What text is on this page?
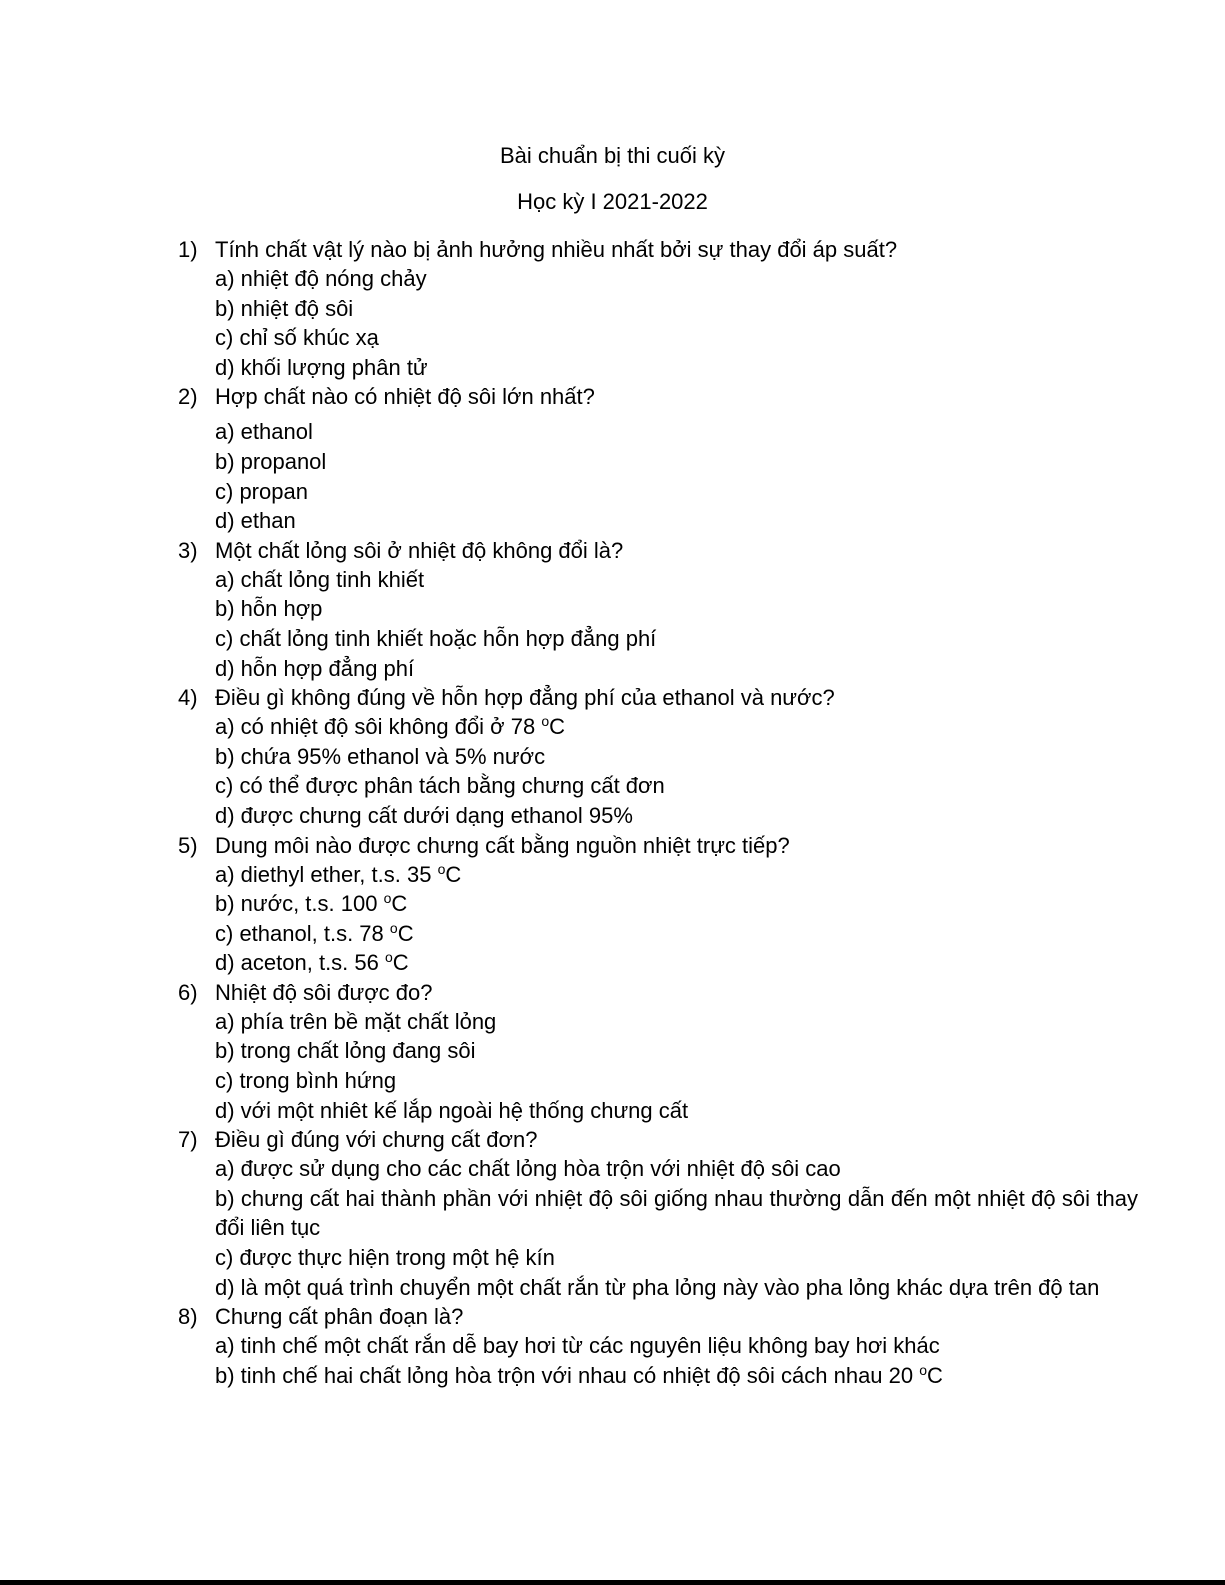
Bài chuẩn bị thi cuối kỳ
Học kỳ I 2021-2022
1) Tính chất vật lý nào bị ảnh hưởng nhiều nhất bởi sự thay đổi áp suất?
a) nhiệt độ nóng chảy
b) nhiệt độ sôi
c) chỉ số khúc xạ
d) khối lượng phân tử
2) Hợp chất nào có nhiệt độ sôi lớn nhất?
a) ethanol
b) propanol
c) propan
d) ethan
3) Một chất lỏng sôi ở nhiệt độ không đổi là?
a) chất lỏng tinh khiết
b) hỗn hợp
c) chất lỏng tinh khiết hoặc hỗn hợp đẳng phí
d) hỗn hợp đẳng phí
4) Điều gì không đúng về hỗn hợp đẳng phí của ethanol và nước?
a) có nhiệt độ sôi không đổi ở 78 $^o$C
b) chứa 95% ethanol và 5% nước
c) có thể được phân tách bằng chưng cất đơn
d) được chưng cất dưới dạng ethanol 95%
5) Dung môi nào được chưng cất bằng nguồn nhiệt trực tiếp?
a) diethyl ether, t.s. 35 $^o$C
b) nước, t.s. 100 $^o$C
c) ethanol, t.s. 78 $^o$C
d) aceton, t.s. 56 $^o$C
6) Nhiệt độ sôi được đo?
a) phía trên bề mặt chất lỏng
b) trong chất lỏng đang sôi
c) trong bình hứng
d) với một nhiêt kế lắp ngoài hệ thống chưng cất
7) Điều gì đúng với chưng cất đơn?
a) được sử dụng cho các chất lỏng hòa trộn với nhiệt độ sôi cao
b) chưng cất hai thành phần với nhiệt độ sôi giống nhau thường dẫn đến một nhiệt độ sôi thay đổi liên tục
c) được thực hiện trong một hệ kín
d) là một quá trình chuyển một chất rắn từ pha lỏng này vào pha lỏng khác dựa trên độ tan
8) Chưng cất phân đoạn là?
a) tinh chế một chất rắn dễ bay hơi từ các nguyên liệu không bay hơi khác
b) tinh chế hai chất lỏng hòa trộn với nhau có nhiệt độ sôi cách nhau 20 $^o$C
